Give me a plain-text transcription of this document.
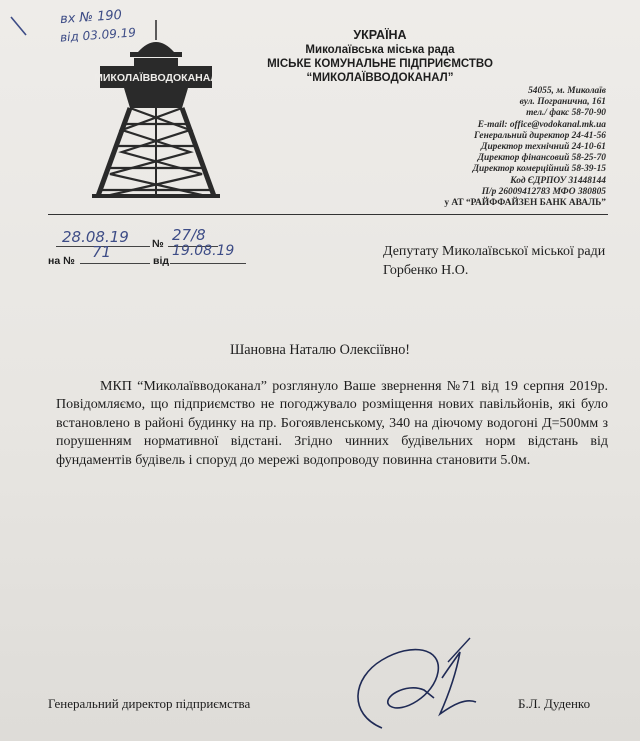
вх № 190
від 03.09.19
МИКОЛАЇВВОДОКАНАЛ
УКРАЇНА
Миколаївська міська рада
МІСЬКЕ КОМУНАЛЬНЕ ПІДПРИЄМСТВО
“МИКОЛАЇВВОДОКАНАЛ”
54055, м. Миколаїв
вул. Погранична, 161
тел./ факс 58-70-90
E-mail: office@vodokanal.mk.ua
Генеральний директор 24-41-56
Директор технічний 24-10-61
Директор фінансовий 58-25-70
Директор комерційний 58-39-15
Код ЄДРПОУ 31448144
П/р 26009412783 МФО 380805
у АТ “РАЙФФАЙЗЕН БАНК АВАЛЬ”
28.08.19 № 27/8
на № 71	від
19.08.19	Депутату Миколаївської міської ради
Горбенко Н.О.
Шановна Наталю Олексіївно!
МКП “Миколаївводоканал” розглянуло Ваше звернення №71 від 19 серпня 2019р. Повідомляємо, що підприємство не погоджувало розміщення нових павільйонів, які було встановлено в районі будинку на пр. Богоявленському, 340 на діючому водогоні Д=500мм з порушенням нормативної відстані. Згідно чинних будівельних норм відстань від фундаментів будівель і споруд до мережі водопроводу повинна становити 5.0м.
Генеральний директор підприємства	Б.Л. Дуденко
